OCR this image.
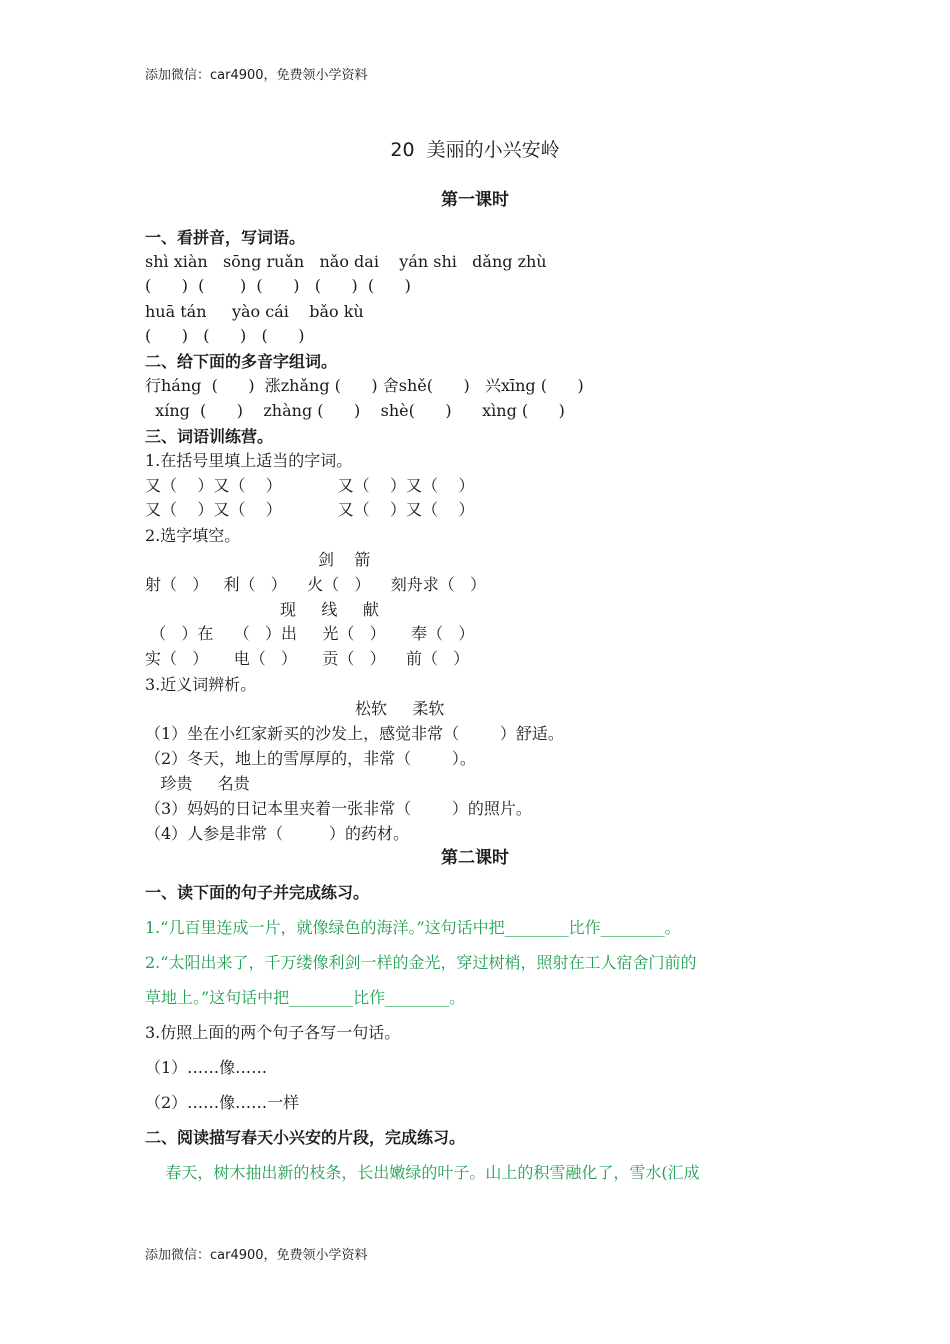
添加微信：car4900，免费领小学资料
20  美丽的小兴安岭
第一课时
一、看拼音，写词语。
shì xiàn   sōng ruǎn   nǎo dai    yán shi   dǎng zhù
(      )  (       )  (      )   (      )  (      )
huā tán     yào cái    bǎo kù
(      )   (      )   (      )
二、给下面的多音字组词。
行háng  (      )  涨zhǎng (      ) 舍shě(      )   兴xīng (      )
xíng  (      )    zhàng (      )    shè(      )      xìng (      )
三、词语训练营。
1.在括号里填上适当的字词。
又（    ）又（    ）           又（    ）又（    ）
又（    ）又（    ）           又（    ）又（    ）
2.选字填空。
剑    箭
射（   ）   利（   ）    火（   ）    刻舟求（   ）
现     线     献
（   ）在    （   ）出     光（   ）     奉（   ）
实（   ）     电（   ）     贡（   ）    前（   ）
3.近义词辨析。
松软     柔软
（1）坐在小红家新买的沙发上，感觉非常（        ）舒适。
（2）冬天，地上的雪厚厚的，非常（        ）。
珍贵     名贵
（3）妈妈的日记本里夹着一张非常（        ）的照片。
（4）人参是非常（         ）的药材。
第二课时
一、读下面的句子并完成练习。
1.“几百里连成一片，就像绿色的海洋。”这句话中把________比作________。
2.“太阳出来了，千万缕像利剑一样的金光，穿过树梢，照射在工人宿舍门前的
草地上。”这句话中把________比作________。
3.仿照上面的两个句子各写一句话。
（1）……像……
（2）……像……一样
二、阅读描写春天小兴安的片段，完成练习。
春天，树木抽出新的枝条，长出嫩绿的叶子。山上的积雪融化了，雪水(汇成
添加微信：car4900，免费领小学资料
